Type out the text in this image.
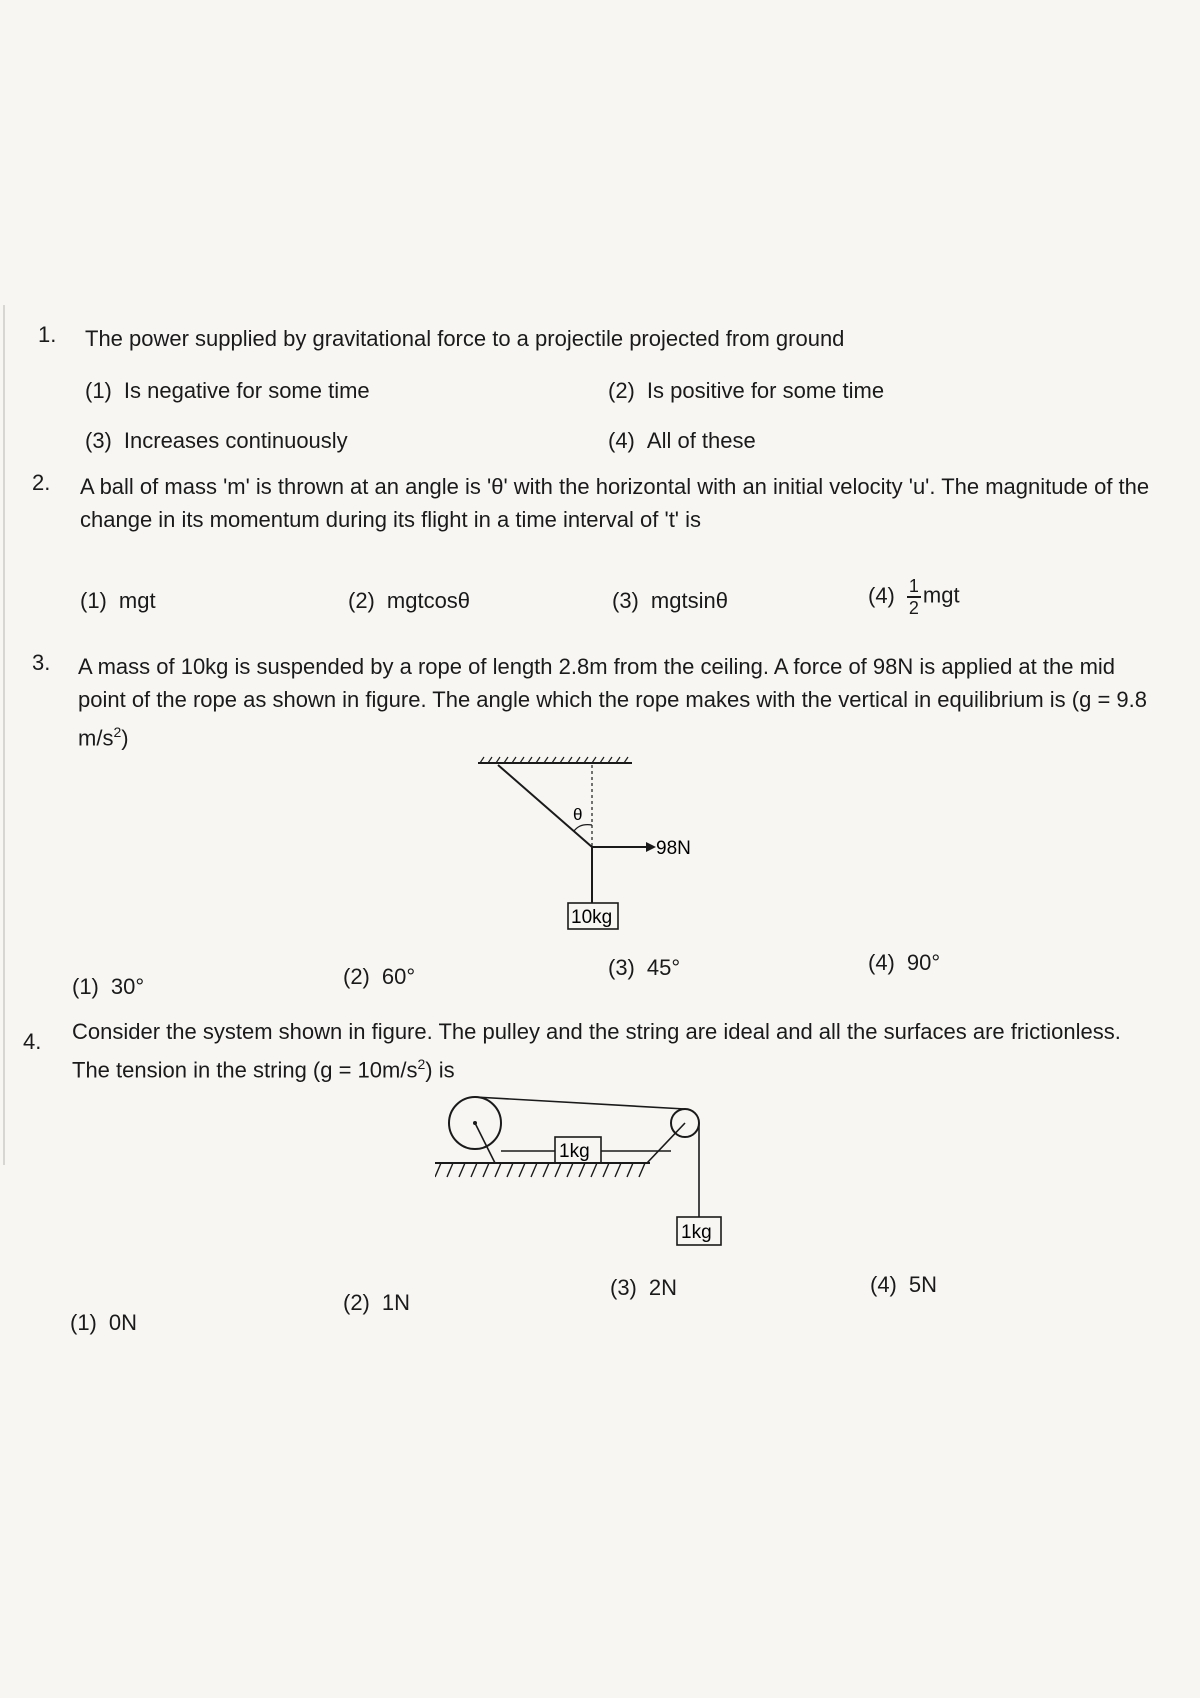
1. The power supplied by gravitational force to a projectile projected from ground
(1) Is negative for some time	(2) Is positive for some time
(3) Increases continuously	(4) All of these
2. A ball of mass 'm' is thrown at an angle is 'θ' with the horizontal with an initial velocity 'u'. The magnitude of the change in its momentum during its flight in a time interval of 't' is
(1) mgt	(2) mgtcosθ	(3) mgtsinθ	$(4) \frac{1}{2}$ mgt
3. A mass of 10kg is suspended by a rope of length 2.8m from the ceiling. A force of 98N is applied at the mid point of the rope as shown in figure. The angle which the rope makes with the vertical in equilibrium is (g = 9.8 $m/s^2$)
θ
98N
10kg
(1) 30°	(2) 60°	(3) 45°	(4) 90°
4. Consider the system shown in figure. The pulley and the string are ideal and all the surfaces are frictionless. The tension in the string $(g = 10m/s^2)$ is
1kg
1kg
(1) 0N
(2) 1N
(3) 2N	(4) 5N
